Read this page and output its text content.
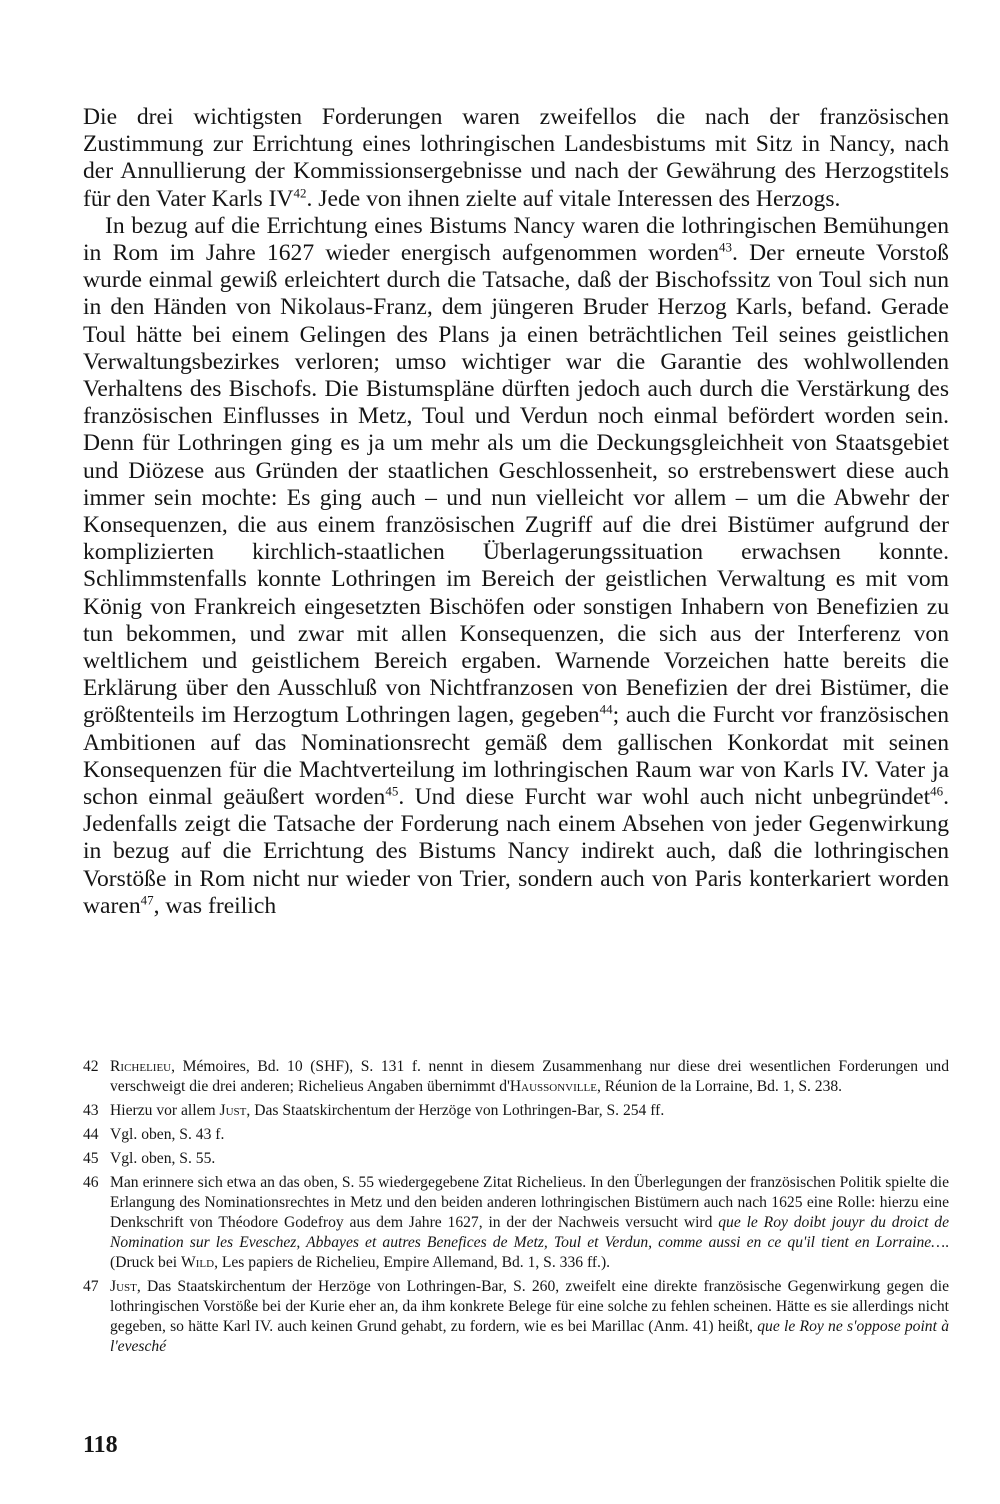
Die drei wichtigsten Forderungen waren zweifellos die nach der französischen Zustimmung zur Errichtung eines lothringischen Landesbistums mit Sitz in Nancy, nach der Annullierung der Kommissionsergebnisse und nach der Gewährung des Herzogstitels für den Vater Karls IV$^{42}$. Jede von ihnen zielte auf vitale Interessen des Herzogs.

In bezug auf die Errichtung eines Bistums Nancy waren die lothringischen Bemühungen in Rom im Jahre 1627 wieder energisch aufgenommen worden$^{43}$. Der erneute Vorstoß wurde einmal gewiß erleichtert durch die Tatsache, daß der Bischofssitz von Toul sich nun in den Händen von Nikolaus-Franz, dem jüngeren Bruder Herzog Karls, befand. Gerade Toul hätte bei einem Gelingen des Plans ja einen beträchtlichen Teil seines geistlichen Verwaltungsbezirkes verloren; umso wichtiger war die Garantie des wohlwollenden Verhaltens des Bischofs. Die Bistumspläne dürften jedoch auch durch die Verstärkung des französischen Einflusses in Metz, Toul und Verdun noch einmal befördert worden sein. Denn für Lothringen ging es ja um mehr als um die Deckungsgleichheit von Staatsgebiet und Diözese aus Gründen der staatlichen Geschlossenheit, so erstrebenswert diese auch immer sein mochte: Es ging auch – und nun vielleicht vor allem – um die Abwehr der Konsequenzen, die aus einem französischen Zugriff auf die drei Bistümer aufgrund der komplizierten kirchlich-staatlichen Überlagerungssituation erwachsen konnte. Schlimmstenfalls konnte Lothringen im Bereich der geistlichen Verwaltung es mit vom König von Frankreich eingesetzten Bischöfen oder sonstigen Inhabern von Benefizien zu tun bekommen, und zwar mit allen Konsequenzen, die sich aus der Interferenz von weltlichem und geistlichem Bereich ergaben. Warnende Vorzeichen hatte bereits die Erklärung über den Ausschluß von Nichtfranzosen von Benefizien der drei Bistümer, die größtenteils im Herzogtum Lothringen lagen, gegeben$^{44}$; auch die Furcht vor französischen Ambitionen auf das Nominationsrecht gemäß dem gallischen Konkordat mit seinen Konsequenzen für die Machtverteilung im lothringischen Raum war von Karls IV. Vater ja schon einmal geäußert worden$^{45}$. Und diese Furcht war wohl auch nicht unbegründet$^{46}$. Jedenfalls zeigt die Tatsache der Forderung nach einem Absehen von jeder Gegenwirkung in bezug auf die Errichtung des Bistums Nancy indirekt auch, daß die lothringischen Vorstöße in Rom nicht nur wieder von Trier, sondern auch von Paris konterkariert worden waren$^{47}$, was freilich

42 Richelieu, Mémoires, Bd. 10 (SHF), S. 131 f. nennt in diesem Zusammenhang nur diese drei wesentlichen Forderungen und verschweigt die drei anderen; Richelieus Angaben übernimmt d'Haussonville, Réunion de la Lorraine, Bd. 1, S. 238.
43 Hierzu vor allem Just, Das Staatskirchentum der Herzöge von Lothringen-Bar, S. 254 ff.
44 Vgl. oben, S. 43 f.
45 Vgl. oben, S. 55.
46 Man erinnere sich etwa an das oben, S. 55 wiedergegebene Zitat Richelieus. In den Überlegungen der französischen Politik spielte die Erlangung des Nominationsrechtes in Metz und den beiden anderen lothringischen Bistümern auch nach 1625 eine Rolle: hierzu eine Denkschrift von Théodore Godefroy aus dem Jahre 1627, in der der Nachweis versucht wird que le Roy doibt jouyr du droict de Nomination sur les Eveschez, Abbayes et autres Benefices de Metz, Toul et Verdun, comme aussi en ce qu'il tient en Lorraine…. (Druck bei Wild, Les papiers de Richelieu, Empire Allemand, Bd. 1, S. 336 ff.).
47 Just, Das Staatskirchentum der Herzöge von Lothringen-Bar, S. 260, zweifelt eine direkte französische Gegenwirkung gegen die lothringischen Vorstöße bei der Kurie eher an, da ihm konkrete Belege für eine solche zu fehlen scheinen. Hätte es sie allerdings nicht gegeben, so hätte Karl IV. auch keinen Grund gehabt, zu fordern, wie es bei Marillac (Anm. 41) heißt, que le Roy ne s'oppose point à l'evesché
118
